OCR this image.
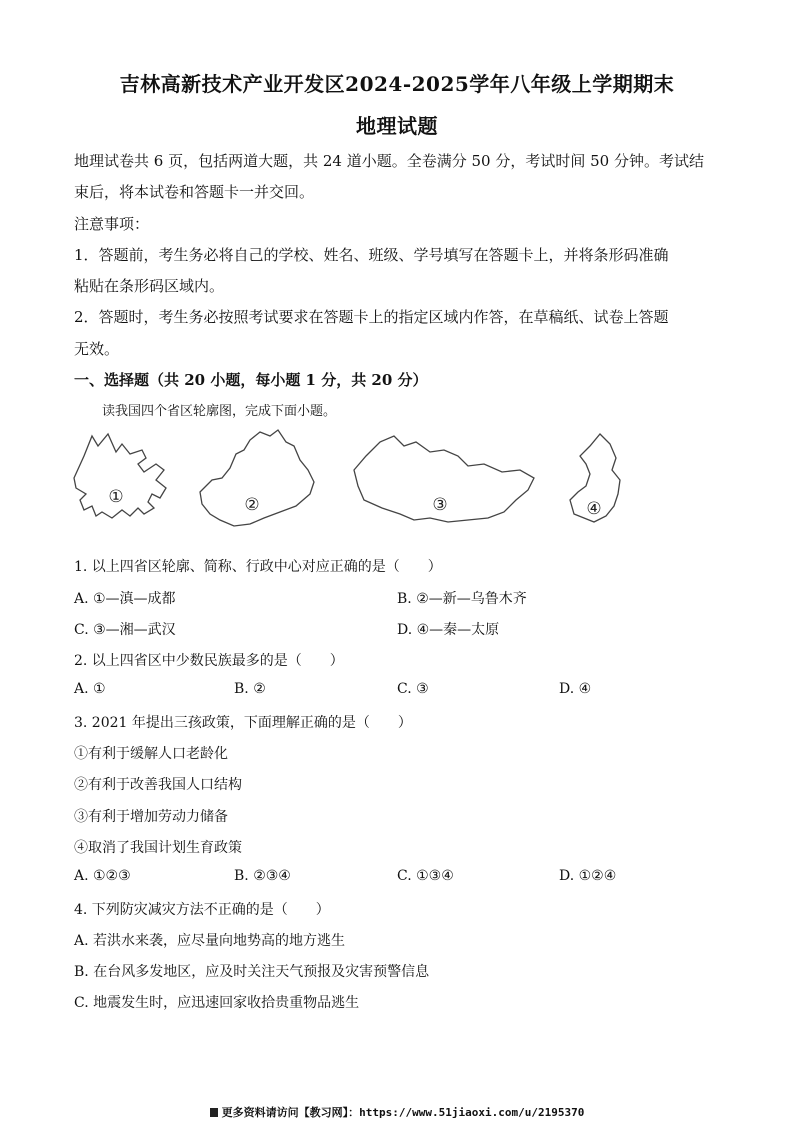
吉林高新技术产业开发区2024-2025学年八年级上学期期末
地理试题
地理试卷共 6 页，包括两道大题，共 24 道小题。全卷满分 50 分，考试时间 50 分钟。考试结
束后，将本试卷和答题卡一并交回。
注意事项：
1．答题前，考生务必将自己的学校、姓名、班级、学号填写在答题卡上，并将条形码准确
粘贴在条形码区域内。
2．答题时，考生务必按照考试要求在答题卡上的指定区域内作答，在草稿纸、试卷上答题
无效。
一、选择题（共 20 小题，每小题 1 分，共 20 分）
读我国四个省区轮廓图，完成下面小题。
①	②	③	④
1. 以上四省区轮廓、简称、行政中心对应正确的是（　　）
A. ①—滇—成都	B. ②—新—乌鲁木齐
C. ③—湘—武汉	D. ④—秦—太原
2. 以上四省区中少数民族最多的是（　　）
A. ①	B. ②	C. ③	D. ④
3. 2021 年提出三孩政策，下面理解正确的是（　　）
①有利于缓解人口老龄化
②有利于改善我国人口结构
③有利于增加劳动力储备
④取消了我国计划生育政策
A. ①②③	B. ②③④	C. ①③④	D. ①②④
4. 下列防灾减灾方法不正确的是（　　）
A. 若洪水来袭，应尽量向地势高的地方逃生
B. 在台风多发地区，应及时关注天气预报及灾害预警信息
C. 地震发生时，应迅速回家收拾贵重物品逃生
更多资料请访问【教习网】：https://www.51jiaoxi.com/u/2195370
